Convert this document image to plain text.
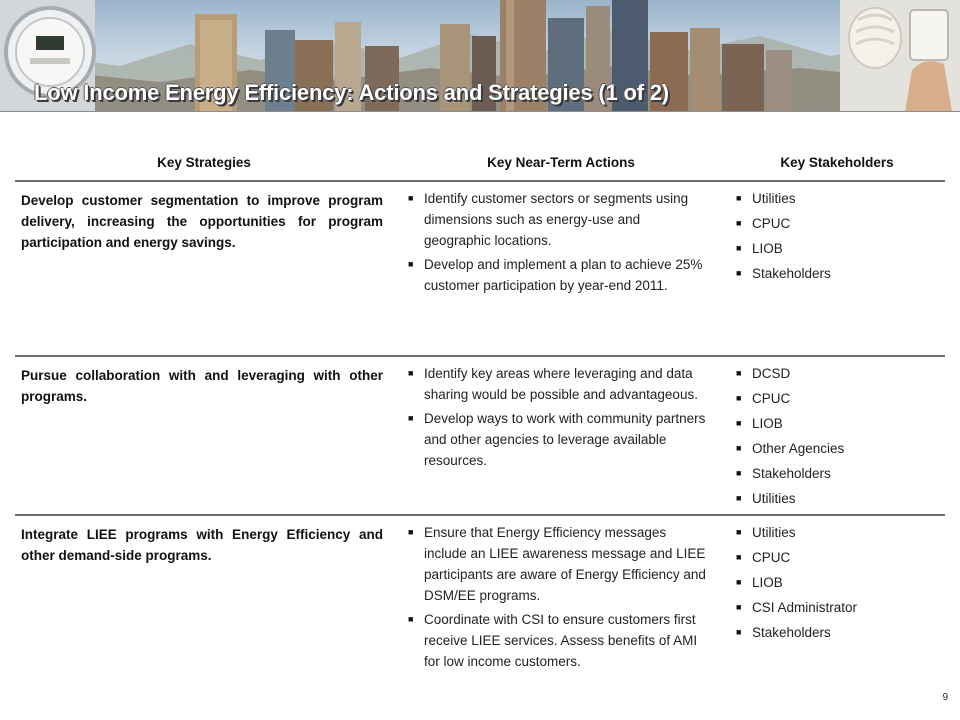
Low Income Energy Efficiency: Actions and Strategies (1 of 2)
Key Strategies	Key Near-Term Actions	Key Stakeholders
Develop customer segmentation to improve program delivery, increasing the opportunities for program participation and energy savings.
■ Identify customer sectors or segments using dimensions such as energy-use and geographic locations.
■ Develop and implement a plan to achieve 25% customer participation by year-end 2011.
■ Utilities
■ CPUC
■ LIOB
■ Stakeholders
Pursue collaboration with and leveraging with other programs.
■ Identify key areas where leveraging and data sharing would be possible and advantageous.
■ Develop ways to work with community partners and other agencies to leverage available resources.
■ DCSD
■ CPUC
■ LIOB
■ Other Agencies
■ Stakeholders
■ Utilities
Integrate LIEE programs with Energy Efficiency and other demand-side programs.
■ Ensure that Energy Efficiency messages include an LIEE awareness message and LIEE participants are aware of Energy Efficiency and DSM/EE programs.
■ Coordinate with CSI to ensure customers first receive LIEE services. Assess benefits of AMI for low income customers.
■ Utilities
■ CPUC
■ LIOB
■ CSI Administrator
■ Stakeholders
9
